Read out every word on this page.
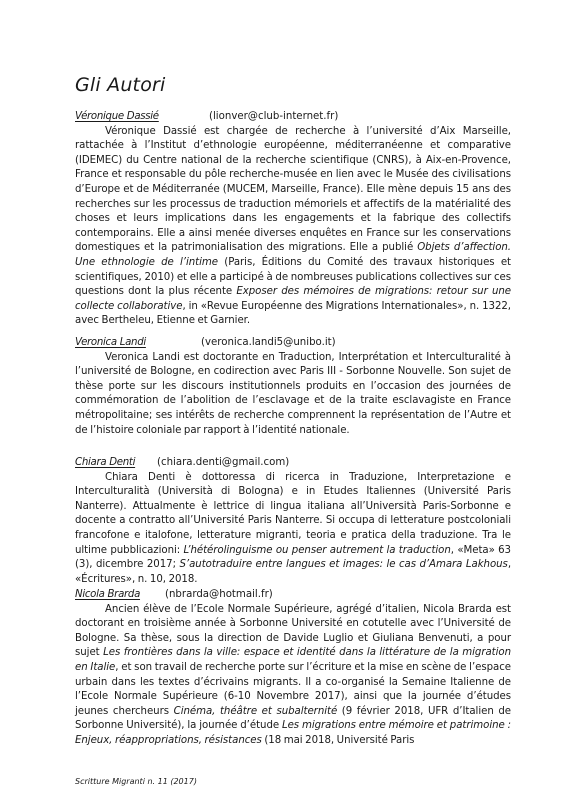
Gli Autori
Véronique Dassié	(lionver@club-internet.fr)

Véronique Dassié est chargée de recherche à l’université d’Aix Marseille, rattachée à l’Institut d’ethnologie européenne, méditerranéenne et comparative (IDEMEC) du Centre national de la recherche scientifique (CNRS), à Aix-en-Provence, France et responsable du pôle recherche-musée en lien avec le Musée des civilisations d’Europe et de Méditerranée (MUCEM, Marseille, France). Elle mène depuis 15 ans des recherches sur les processus de traduction mémoriels et affectifs de la matérialité des choses et leurs implications dans les engagements et la fabrique des collectifs contemporains. Elle a ainsi menée diverses enquêtes en France sur les conservations domestiques et la patrimonialisation des migrations. Elle a publié Objets d’affection. Une ethnologie de l’intime (Paris, Éditions du Comité des travaux historiques et scientifiques, 2010) et elle a participé à de nombreuses publications collectives sur ces questions dont la plus récente Exposer des mémoires de migrations: retour sur une collecte collaborative, in «Revue Européenne des Migrations Internationales», n. 1322, avec Bertheleu, Etienne et Garnier.

Veronica Landi	(veronica.landi5@unibo.it)

Veronica Landi est doctorante en Traduction, Interprétation et Interculturalité à l’université de Bologne, en codirection avec Paris III - Sorbonne Nouvelle. Son sujet de thèse porte sur les discours institutionnels produits en l’occasion des journées de commémoration de l’abolition de l’esclavage et de la traite esclavagiste en France métropolitaine; ses intérêts de recherche comprennent la représentation de l’Autre et de l’histoire coloniale par rapport à l’identité nationale.

Chiara Denti (chiara.denti@gmail.com)

Chiara Denti è dottoressa di ricerca in Traduzione, Interpretazione e Interculturalità (Università di Bologna) e in Etudes Italiennes (Université Paris Nanterre). Attualmente è lettrice di lingua italiana all’Università Paris-Sorbonne e docente a contratto all’Université Paris Nanterre. Si occupa di letterature postcoloniali francofone e italofone, letterature migranti, teoria e pratica della traduzione. Tra le ultime pubblicazioni: L’hétérolinguisme ou penser autrement la traduction, «Meta» 63 (3), dicembre 2017; S’autotraduire entre langues et images: le cas d’Amara Lakhous, «Écritures», n. 10, 2018.

Nicola Brarda (nbrarda@hotmail.fr)

Ancien élève de l’Ecole Normale Supérieure, agrégé d’italien, Nicola Brarda est doctorant en troisième année à Sorbonne Université en cotutelle avec l’Université de Bologne. Sa thèse, sous la direction de Davide Luglio et Giuliana Benvenuti, a pour sujet Les frontières dans la ville: espace et identité dans la littérature de la migration en Italie, et son travail de recherche porte sur l’écriture et la mise en scène de l’espace urbain dans les textes d’écrivains migrants. Il a co-organisé la Semaine Italienne de l’Ecole Normale Supérieure (6-10 Novembre 2017), ainsi que la journée d’études jeunes chercheurs Cinéma, théâtre et subalternité (9 février 2018, UFR d’Italien de Sorbonne Université), la journée d’étude Les migrations entre mémoire et patrimoine : Enjeux, réappropriations, résistances (18 mai 2018, Université Paris

Scritture Migranti n. 11 (2017)
